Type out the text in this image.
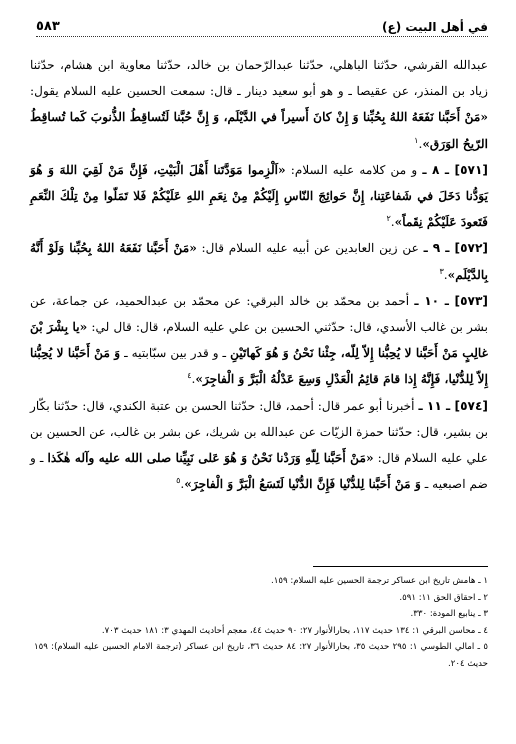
في أهل البيت (ع)
٥٨٣

عبدالله القرشي، حدّثنا الباهلي، حدّثنا عبدالرّحمان بن خالد، حدّثنا معاوية ابن هشام، حدّثنا زياد بن المنذر، عن عقيصا ـ و هو أبو سعيد دينار ـ قال: سمعت الحسين عليه السلام يقول: «مَنْ أَحَبَّنا نَفَعَهُ اللهُ بِحُبِّنا وَ إِنْ كانَ أَسيراً في الدَّيْلَم، وَ إِنَّ حُبَّنا لَتُساقِطُ الذُّنوبَ كَما تُساقِطُ الرّيحُ الوَرَق».$^١$

[٥٧١] ـ ٨ ـ و من كلامه عليه السلام: «اَلْزِموا مَوَدَّتَنا أَهْلَ الْبَيْتِ، فَإِنَّ مَنْ لَقِيَ اللهَ وَ هُوَ يَوَدُّنا دَخَلَ في شَفاعَتِنا، إِنَّ حَوائِجَ النّاسِ إِلَيْكُمْ مِنْ نِعَمِ اللهِ عَلَيْكُمْ فَلا تَمَلّوا مِنْ تِلْكَ النِّعَمِ فَتَعودَ عَلَيْكُمْ نِقَماً».$^٢$

[٥٧٢] ـ ٩ ـ عن زين العابدين عن أبيه عليه السلام قال: «مَنْ أَحَبَّنا نَفَعَهُ اللهُ بِحُبِّنا وَلَوْ أَنَّهُ بِالدَّيْلَم».$^٣$

[٥٧٣] ـ ١٠ ـ أحمد بن محمّد بن خالد البرقي: عن محمّد بن عبدالحميد، عن جماعة، عن بشر بن غالب الأسدي، قال: حدّثني الحسين بن علي عليه السلام، قال: قال لي: «يا بِشْرَ بْنَ غالِبٍ مَنْ أَحَبَّنا لا يُحِبُّنا إِلاّ لِلّه، جِئْنا نَحْنُ وَ هُوَ كَهاتَيْنِ ـ و قدر بين سبّابتيه ـ وَ مَنْ أَحَبَّنا لا يُحِبُّنا إِلاّ لِلدُّنْيا، فَإِنَّهُ إِذا قامَ قائِمُ الْعَدْلِ وَسِعَ عَدْلُهُ الْبَرَّ وَ الْفاجِرَ».$^٤$

[٥٧٤] ـ ١١ ـ أخبرنا أبو عمر قال: أحمد، قال: حدّثنا الحسن بن عتبة الكندي، قال: حدّثنا بكّار بن بشير، قال: حدّثنا حمزة الزيّات عن عبدالله بن شريك، عن بشر بن غالب، عن الحسين بن علي عليه السلام قال: «مَنْ أَحَبَّنا لِلّهِ وَرَدْنا نَحْنُ وَ هُوَ عَلى نَبِيِّنا صلى الله عليه وآله هٰكَذا ـ و ضم اصبعيه ـ وَ مَنْ أَحَبَّنا لِلدُّنْيا فَإِنَّ الدُّنْيا لَتَسَعُ الْبَرَّ وَ الْفاجِرَ».$^٥$

١ ـ هامش تاريخ ابن عساكر ترجمة الحسين عليه السلام: ١٥٩.

٢ ـ احقاق الحق ١١: ٥٩١.

٣ ـ ينابيع المودة: ٣٣٠.

٤ ـ محاسن البرقي ١: ١٣٤ حديث ١١٧، بحارالأنوار ٢٧: ٩٠ حديث ٤٤، معجم أحاديث المهدي ٣: ١٨١ حديث ٧٠٣.

٥ ـ امالي الطوسي ١: ٢٩٥ حديث ٣٥، بحارالأنوار ٢٧: ٨٤ حديث ٣٦، تاريخ ابن عساكر (ترجمة الامام الحسين عليه السلام): ١٥٩ حديث ٢٠٤.
